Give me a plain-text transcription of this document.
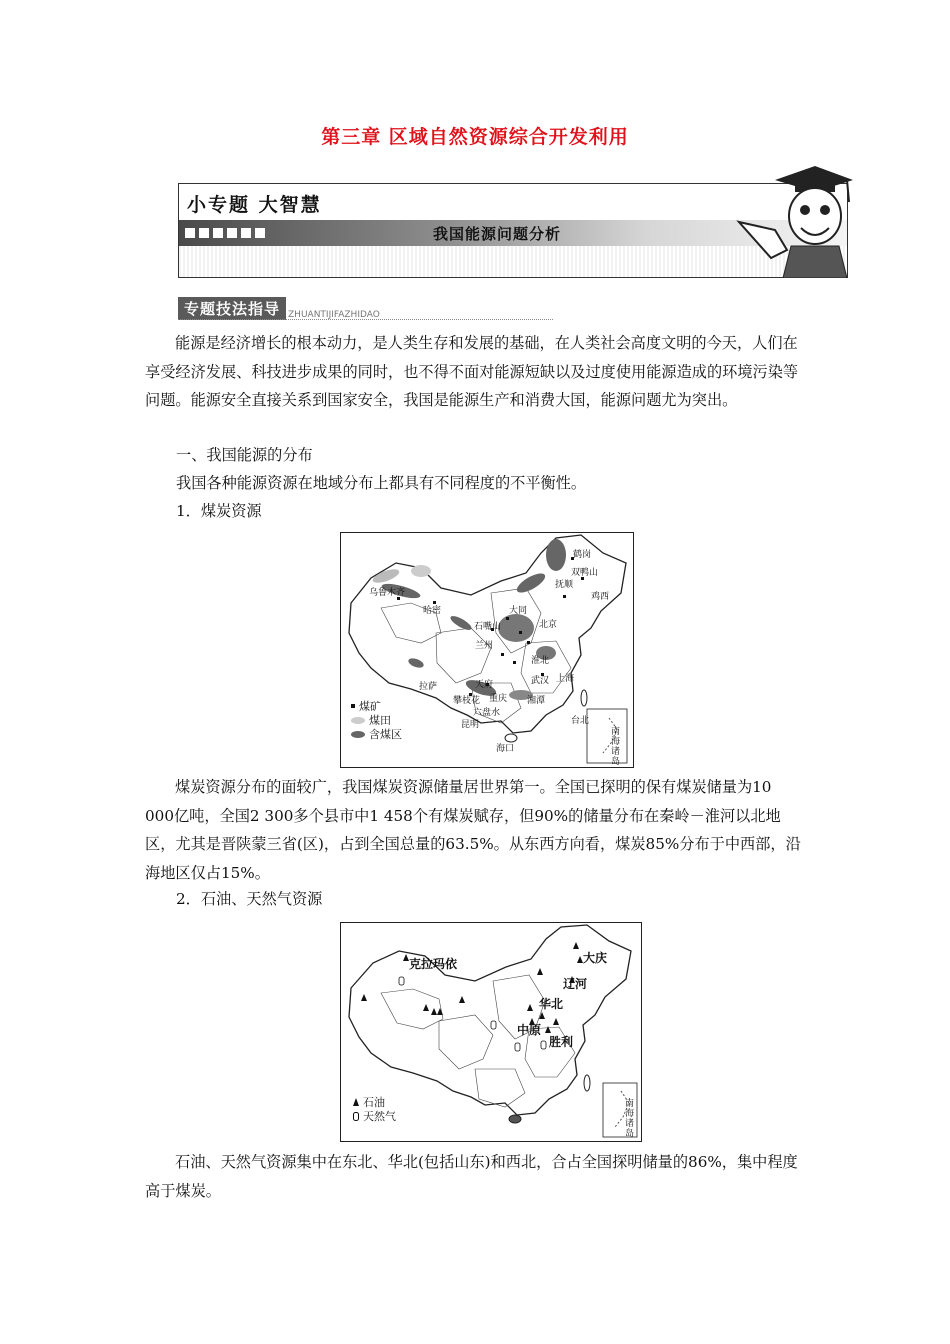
第三章 区域自然资源综合开发利用
小专题 大智慧
我国能源问题分析
专题技法指导 ZHUANTIJIFAZHIDAO

能源是经济增长的根本动力，是人类生存和发展的基础，在人类社会高度文明的今天，人们在享受经济发展、科技进步成果的同时，也不得不面对能源短缺以及过度使用能源造成的环境污染等问题。能源安全直接关系到国家安全，我国是能源生产和消费大国，能源问题尤为突出。

一、我国能源的分布

我国各种能源资源在地域分布上都具有不同程度的不平衡性。

1．煤炭资源

煤矿
煤田
含煤区
乌鲁木齐
哈密
拉萨
兰州
石嘴山
大同
北京
抚顺
鹤岗
双鸭山
鸡西
淮北
上海
武汉
湘潭
天府
重庆
攀枝花
六盘水
昆明
海口
台北
南海诸岛

煤炭资源分布的面较广，我国煤炭资源储量居世界第一。全国已探明的保有煤炭储量为10 000亿吨，全国2 300多个县市中1 458个有煤炭赋存，但90%的储量分布在秦岭－淮河以北地区，尤其是晋陕蒙三省(区)，占到全国总量的63.5%。从东西方向看，煤炭85%分布于中西部，沿海地区仅占15%。

2．石油、天然气资源

石油
天然气
克拉玛依	大庆
辽河
华北
中原
胜利
南海诸岛

石油、天然气资源集中在东北、华北(包括山东)和西北，合占全国探明储量的86%，集中程度高于煤炭。
